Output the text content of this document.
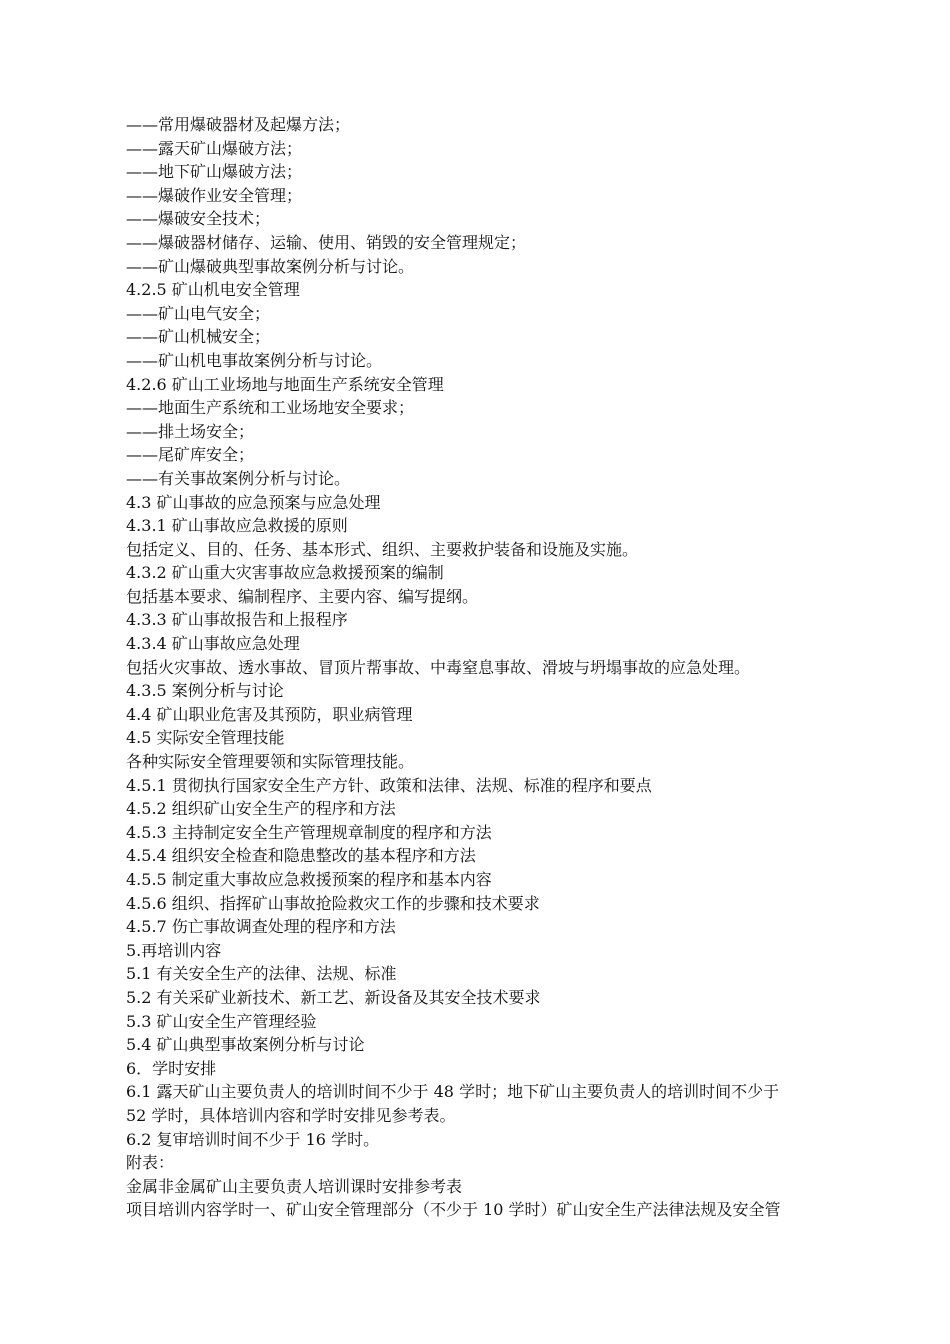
——常用爆破器材及起爆方法；

——露天矿山爆破方法；

——地下矿山爆破方法；

——爆破作业安全管理；

——爆破安全技术；

——爆破器材储存、运输、使用、销毁的安全管理规定；

——矿山爆破典型事故案例分析与讨论。

4.2.5 矿山机电安全管理

——矿山电气安全；

——矿山机械安全；

——矿山机电事故案例分析与讨论。

4.2.6 矿山工业场地与地面生产系统安全管理

——地面生产系统和工业场地安全要求；

——排土场安全；

——尾矿库安全；

——有关事故案例分析与讨论。

4.3 矿山事故的应急预案与应急处理

4.3.1 矿山事故应急救援的原则

包括定义、目的、任务、基本形式、组织、主要救护装备和设施及实施。

4.3.2 矿山重大灾害事故应急救援预案的编制

包括基本要求、编制程序、主要内容、编写提纲。

4.3.3 矿山事故报告和上报程序

4.3.4 矿山事故应急处理

包括火灾事故、透水事故、冒顶片帮事故、中毒窒息事故、滑坡与坍塌事故的应急处理。

4.3.5 案例分析与讨论

4.4 矿山职业危害及其预防，职业病管理

4.5 实际安全管理技能

各种实际安全管理要领和实际管理技能。

4.5.1 贯彻执行国家安全生产方针、政策和法律、法规、标准的程序和要点

4.5.2 组织矿山安全生产的程序和方法

4.5.3 主持制定安全生产管理规章制度的程序和方法

4.5.4 组织安全检查和隐患整改的基本程序和方法

4.5.5 制定重大事故应急救援预案的程序和基本内容

4.5.6 组织、指挥矿山事故抢险救灾工作的步骤和技术要求

4.5.7 伤亡事故调查处理的程序和方法

5.再培训内容

5.1 有关安全生产的法律、法规、标准

5.2 有关采矿业新技术、新工艺、新设备及其安全技术要求

5.3 矿山安全生产管理经验

5.4 矿山典型事故案例分析与讨论

6．学时安排

6.1 露天矿山主要负责人的培训时间不少于 48 学时；地下矿山主要负责人的培训时间不少于

52 学时，具体培训内容和学时安排见参考表。

6.2 复审培训时间不少于 16 学时。

附表：

金属非金属矿山主要负责人培训课时安排参考表

项目培训内容学时一、矿山安全管理部分（不少于 10 学时）矿山安全生产法律法规及安全管
